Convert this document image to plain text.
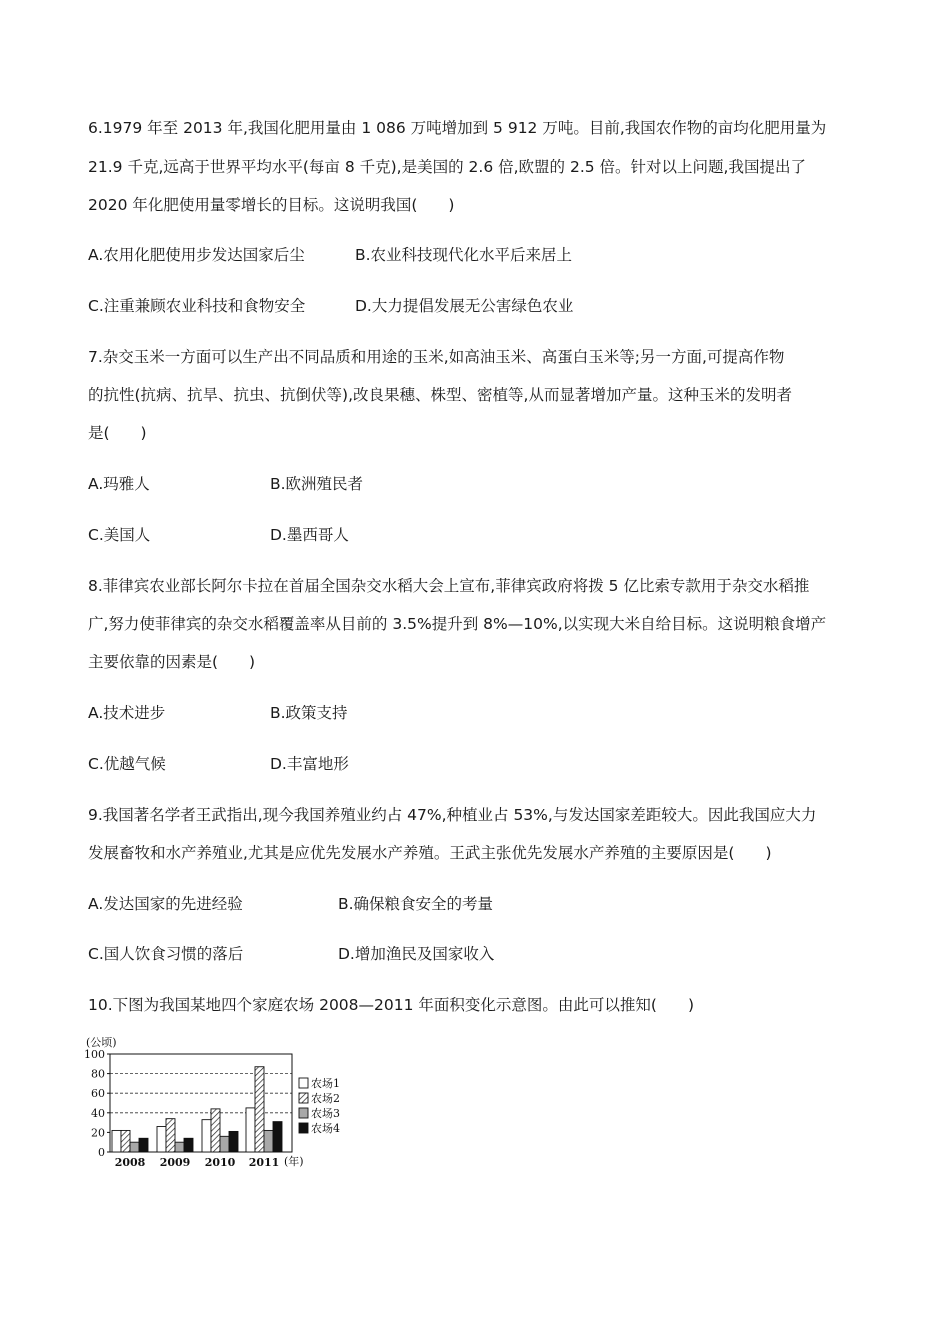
6.1979 年至 2013 年,我国化肥用量由 1 086 万吨增加到 5 912 万吨。目前,我国农作物的亩均化肥用量为
21.9 千克,远高于世界平均水平(每亩 8 千克),是美国的 2.6 倍,欧盟的 2.5 倍。针对以上问题,我国提出了
2020 年化肥使用量零增长的目标。这说明我国(　　)
A.农用化肥使用步发达国家后尘	B.农业科技现代化水平后来居上
C.注重兼顾农业科技和食物安全	D.大力提倡发展无公害绿色农业
7.杂交玉米一方面可以生产出不同品质和用途的玉米,如高油玉米、高蛋白玉米等;另一方面,可提高作物
的抗性(抗病、抗旱、抗虫、抗倒伏等),改良果穗、株型、密植等,从而显著增加产量。这种玉米的发明者
是(　　)
A.玛雅人	B.欧洲殖民者
C.美国人	D.墨西哥人
8.菲律宾农业部长阿尔卡拉在首届全国杂交水稻大会上宣布,菲律宾政府将拨 5 亿比索专款用于杂交水稻推
广,努力使菲律宾的杂交水稻覆盖率从目前的 3.5%提升到 8%—10%,以实现大米自给目标。这说明粮食增产
主要依靠的因素是(　　)
A.技术进步	B.政策支持
C.优越气候	D.丰富地形
9.我国著名学者王武指出,现今我国养殖业约占 47%,种植业占 53%,与发达国家差距较大。因此我国应大力
发展畜牧和水产养殖业,尤其是应优先发展水产养殖。王武主张优先发展水产养殖的主要原因是(　　)
A.发达国家的先进经验	B.确保粮食安全的考量
C.国人饮食习惯的落后	D.增加渔民及国家收入
10.下图为我国某地四个家庭农场 2008—2011 年面积变化示意图。由此可以推知(　　)
(公顷)
(年)
0
20
40
60
80
100
2008 2009 2010 2011
农场1
农场2
农场3
农场4
